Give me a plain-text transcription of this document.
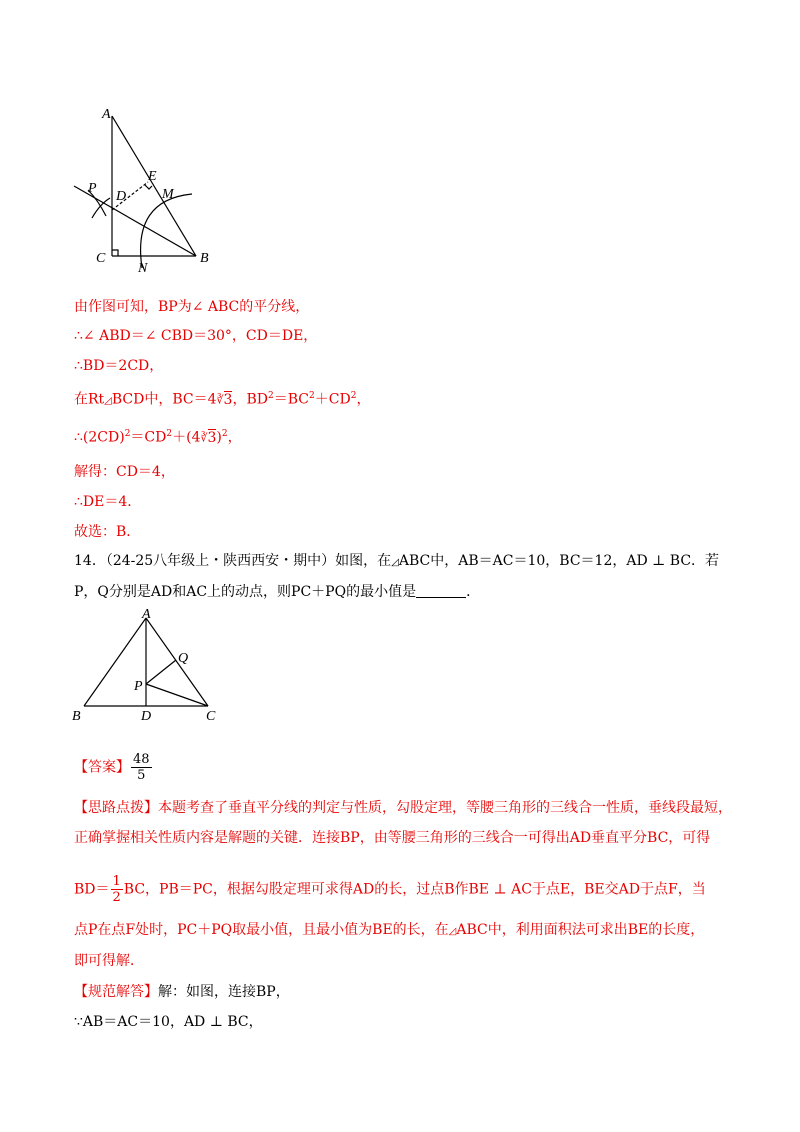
A
B
C
D
E
M
N
P
由作图可知，BP为∠ ABC的平分线，
∴∠ ABD＝∠ CBD＝30°，CD＝DE，
∴BD＝2CD，
在Rt◿BCD中，BC＝4∛3，$BD^2=BC^2+CD^2$，
$\therefore(2CD)^2=CD^2+(4∛3)^2$，
解得：CD＝4，
∴DE＝4．
故选：B．
14．（24-25八年级上・陕西西安・期中）如图，在◿ABC中，AB＝AC＝10，BC＝12，AD ⊥ BC．若
P，Q分别是AD和AC上的动点，则PC＋PQ的最小值是	．
A
B	C
D
P
Q
【答案】 $\frac{48}{5}$
【思路点拨】本题考查了垂直平分线的判定与性质，勾股定理，等腰三角形的三线合一性质，垂线段最短，
正确掌握相关性质内容是解题的关键．连接BP，由等腰三角形的三线合一可得出AD垂直平分BC，可得
$BD= \frac{1}{2}$ BC，PB＝PC，根据勾股定理可求得AD的长，过点B作BE ⊥ AC于点E，BE交AD于点F，当
点P在点F处时，PC＋PQ取最小值，且最小值为BE的长，在◿ABC中，利用面积法可求出BE的长度，
即可得解．
【规范解答】解：如图，连接BP，
∵AB＝AC＝10，AD ⊥ BC，
